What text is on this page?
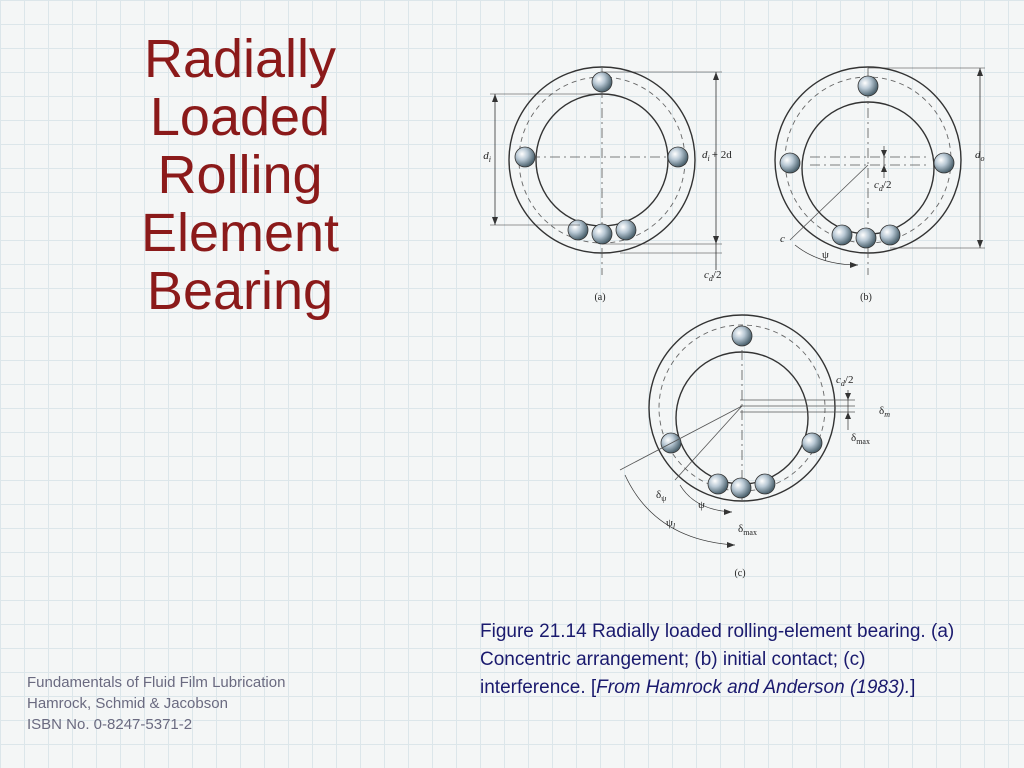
Radially
Loaded
Rolling
Element
Bearing
$d_i$	$d_i + 2d$
$c_d/2$
(a)
$c_d/2$
$d_o$
c
ψ
(b)
$c_d/2$
$\delta_m$
$\delta_{max}$
$\delta_\psi$
ψ
$\psi_l$	$\delta_{max}$
(c)
Figure 21.14 Radially loaded rolling-element bearing. (a) Concentric arrangement; (b) initial contact; (c) interference. [From Hamrock and Anderson (1983).]
Fundamentals of Fluid Film Lubrication
Hamrock, Schmid & Jacobson
ISBN No. 0-8247-5371-2
